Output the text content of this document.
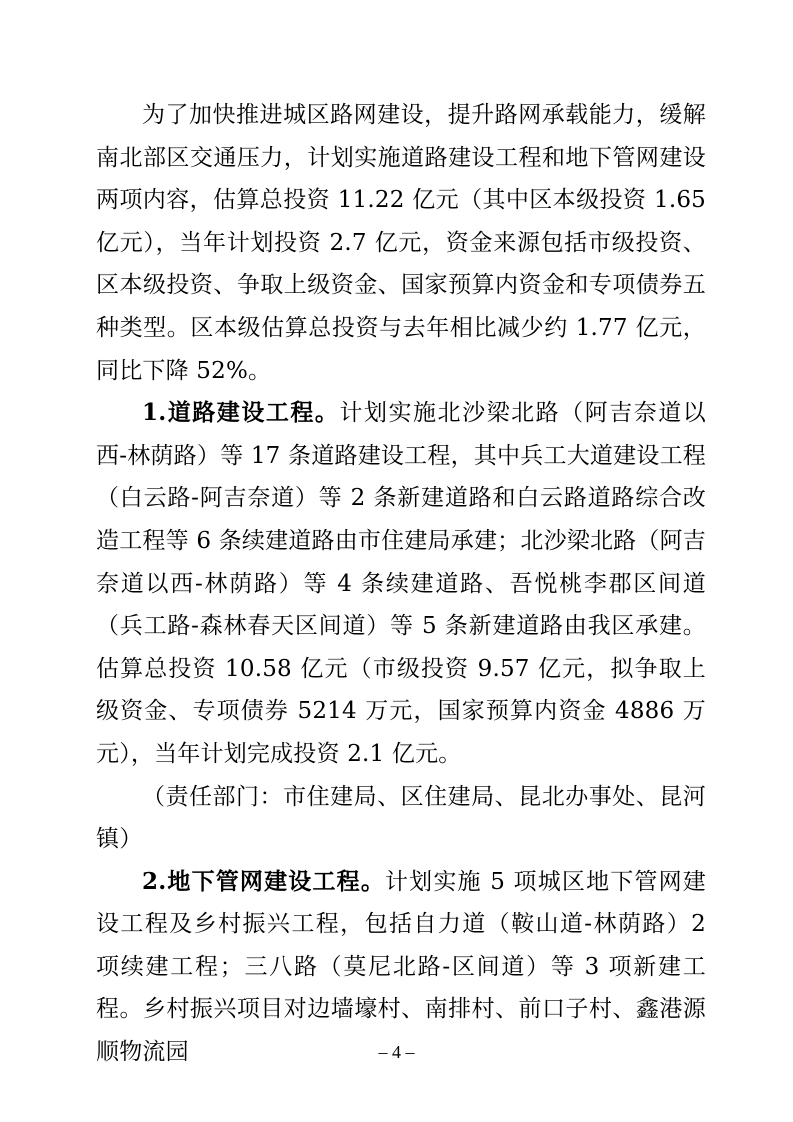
为了加快推进城区路网建设，提升路网承载能力，缓解南北部区交通压力，计划实施道路建设工程和地下管网建设两项内容，估算总投资 11.22 亿元（其中区本级投资 1.65 亿元），当年计划投资 2.7 亿元，资金来源包括市级投资、区本级投资、争取上级资金、国家预算内资金和专项债券五种类型。区本级估算总投资与去年相比减少约 1.77 亿元，同比下降 52%。

1.道路建设工程。计划实施北沙梁北路（阿吉奈道以西-林荫路）等 17 条道路建设工程，其中兵工大道建设工程（白云路-阿吉奈道）等 2 条新建道路和白云路道路综合改造工程等 6 条续建道路由市住建局承建；北沙梁北路（阿吉奈道以西-林荫路）等 4 条续建道路、吾悦桃李郡区间道（兵工路-森林春天区间道）等 5 条新建道路由我区承建。估算总投资 10.58 亿元（市级投资 9.57 亿元，拟争取上级资金、专项债券 5214 万元，国家预算内资金 4886 万元），当年计划完成投资 2.1 亿元。

（责任部门：市住建局、区住建局、昆北办事处、昆河镇）

2.地下管网建设工程。计划实施 5 项城区地下管网建设工程及乡村振兴工程，包括自力道（鞍山道-林荫路）2 项续建工程；三八路（莫尼北路-区间道）等 3 项新建工程。乡村振兴项目对边墙壕村、南排村、前口子村、鑫港源顺物流园	– 4 –
